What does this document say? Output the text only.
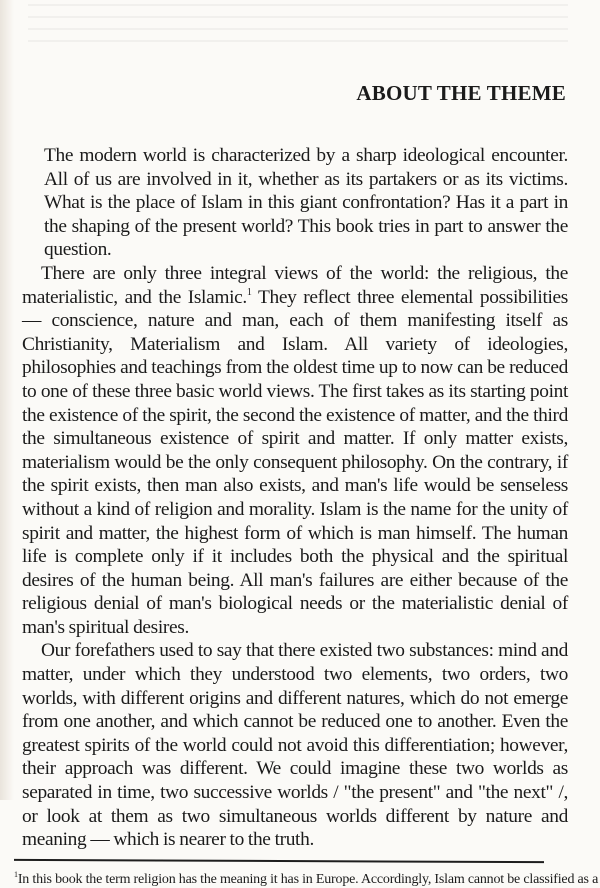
ABOUT THE THEME

The modern world is characterized by a sharp ideological encounter. All of us are involved in it, whether as its partakers or as its victims. What is the place of Islam in this giant confrontation? Has it a part in the shaping of the present world? This book tries in part to answer the question.

There are only three integral views of the world: the religious, the materialistic, and the Islamic.$^1$ They reflect three elemental possibilities — conscience, nature and man, each of them manifesting itself as Christianity, Materialism and Islam. All variety of ideologies, philosophies and teachings from the oldest time up to now can be reduced to one of these three basic world views. The first takes as its starting point the existence of the spirit, the second the existence of matter, and the third the simultaneous existence of spirit and matter. If only matter exists, materialism would be the only consequent philosophy. On the contrary, if the spirit exists, then man also exists, and man's life would be senseless without a kind of religion and morality. Islam is the name for the unity of spirit and matter, the highest form of which is man himself. The human life is complete only if it includes both the physical and the spiritual desires of the human being. All man's failures are either because of the religious denial of man's biological needs or the materialistic denial of man's spiritual desires.

Our forefathers used to say that there existed two substances: mind and matter, under which they understood two elements, two orders, two worlds, with different origins and different natures, which do not emerge from one another, and which cannot be reduced one to another. Even the greatest spirits of the world could not avoid this differentiation; however, their approach was different. We could imagine these two worlds as separated in time, two successive worlds / "the present" and "the next" /, or look at them as two simultaneous worlds different by nature and meaning — which is nearer to the truth.

$^1$In this book the term religion has the meaning it has in Europe. Accordingly, Islam cannot be classified as a
